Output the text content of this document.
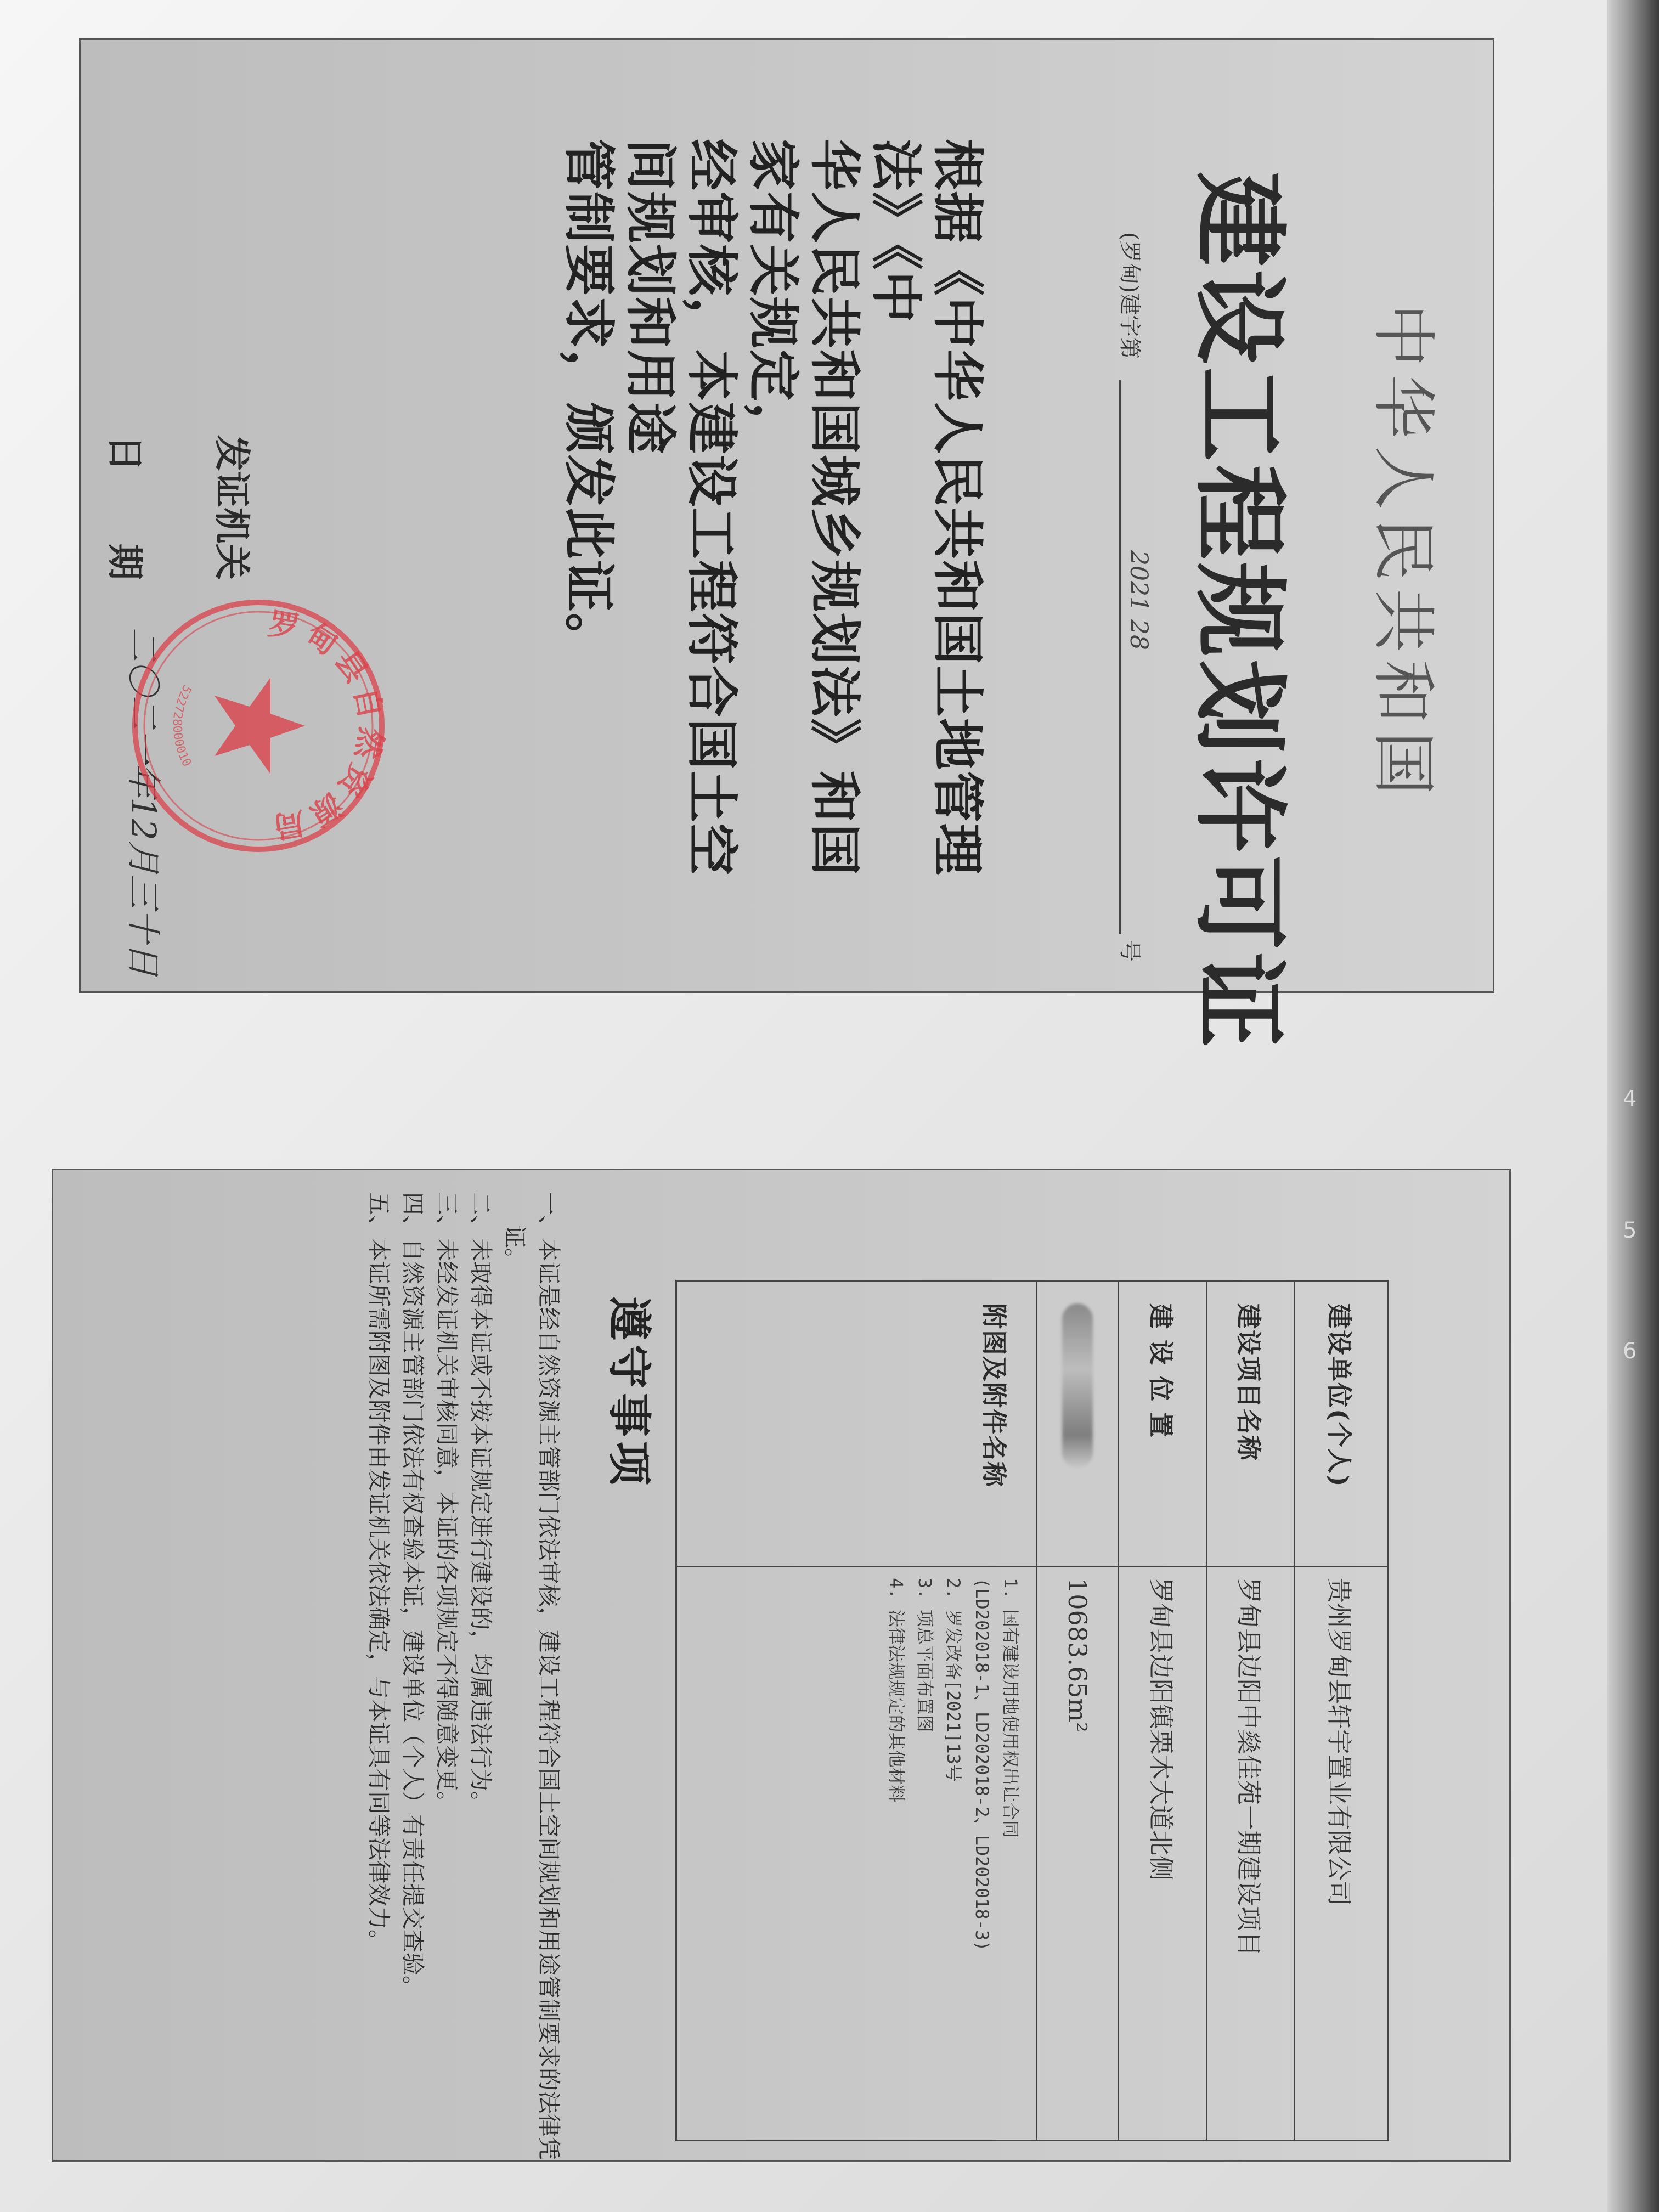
4
5
6
中华人民共和国
建设工程规划许可证
(罗甸)建字第
2021 28
号
根据《中华人民共和国土地管理法》《中
华人民共和国城乡规划法》和国家有关规定，
经审核，本建设工程符合国土空间规划和用途
管制要求，颁发此证。
发证机关
日　　期
二〇二一年12月三十日
罗甸县自然资源局
522728000010
建设单位(个人)
贵州罗甸县轩宇置业有限公司
建设项目名称
罗甸县边阳中燊佳苑一期建设项目
建 设 位 置
罗甸县边阳镇栗木大道北侧
10683.65m²
附图及附件名称
1. 国有建设用地使用权出让合同
(LD202018-1、LD202018-2、LD202018-3)
2. 罗发改备[2021]13号
3. 项总平面布置图
4. 法律法规规定的其他材料
遵守事项
一、本证是经自然资源主管部门依法审核，建设工程符合国土空间规划和用途管制要求的法律凭证。
二、未取得本证或不按本证规定进行建设的，均属违法行为。
三、未经发证机关审核同意，本证的各项规定不得随意变更。
四、自然资源主管部门依法有权查验本证，建设单位（个人）有责任提交查验。
五、本证所需附图及附件由发证机关依法确定，与本证具有同等法律效力。
